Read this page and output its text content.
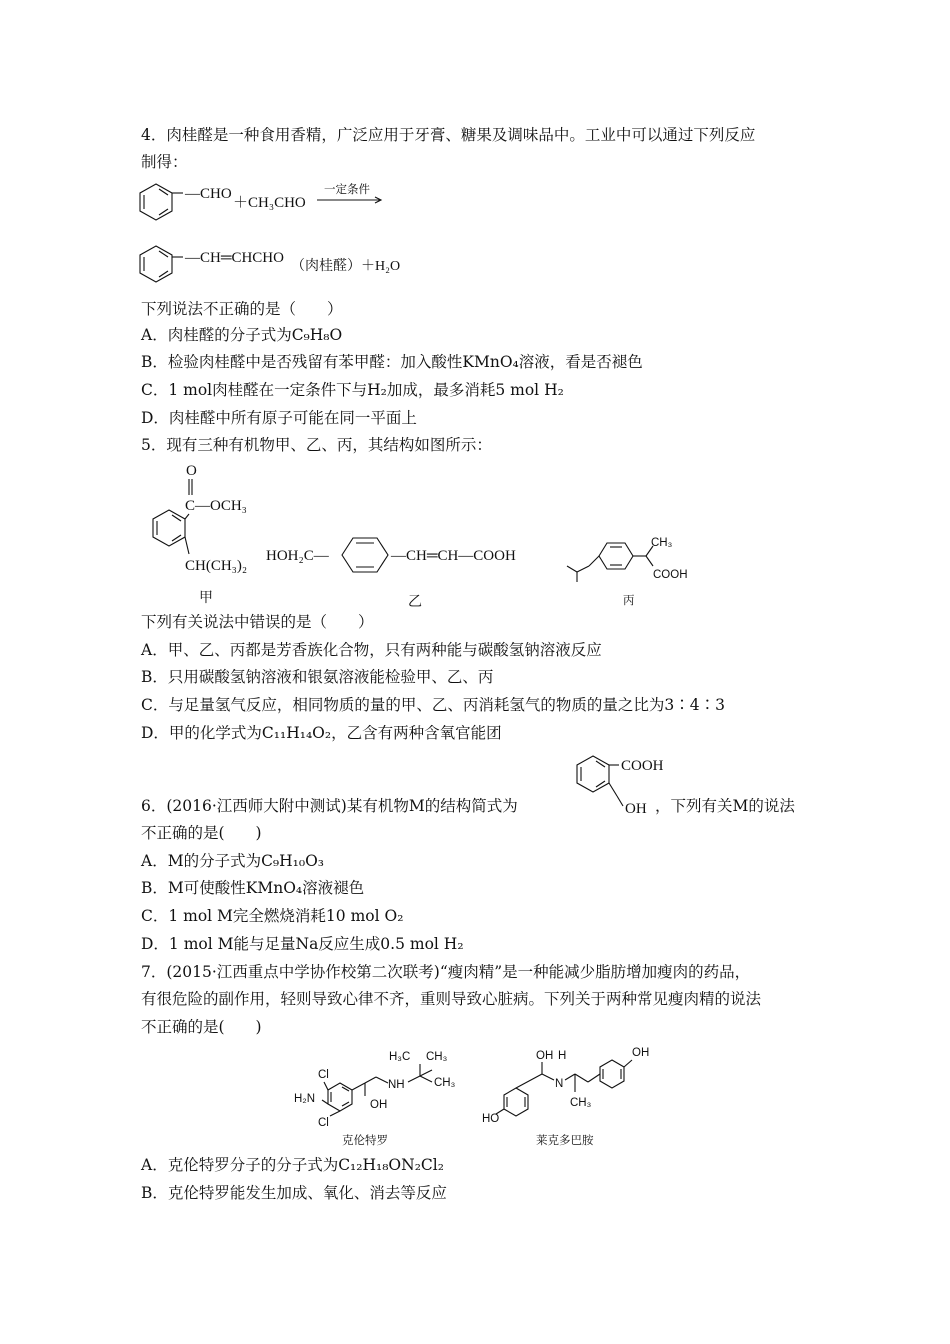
4．肉桂醛是一种食用香精，广泛应用于牙膏、糖果及调味品中。工业中可以通过下列反应
制得：
—CHO
＋CH₃CHO
一定条件
—CH═CHCHO
（肉桂醛）＋H₂O
下列说法不正确的是（　　）
A．肉桂醛的分子式为C₉H₈O
B．检验肉桂醛中是否残留有苯甲醛：加入酸性KMnO₄溶液，看是否褪色
C．1 mol肉桂醛在一定条件下与H₂加成，最多消耗5 mol H₂
D．肉桂醛中所有原子可能在同一平面上
5．现有三种有机物甲、乙、丙，其结构如图所示：
O
C—OCH₃
CH(CH₃)₂
甲
HOH₂C—	—CH═CH—COOH
乙
CH₃
COOH
丙
下列有关说法中错误的是（　　）
A．甲、乙、丙都是芳香族化合物，只有两种能与碳酸氢钠溶液反应
B．只用碳酸氢钠溶液和银氨溶液能检验甲、乙、丙
C．与足量氢气反应，相同物质的量的甲、乙、丙消耗氢气的物质的量之比为3∶4∶3
D．甲的化学式为C₁₁H₁₄O₂，乙含有两种含氧官能团
COOH
OH
6．(2016·江西师大附中测试)某有机物M的结构简式为	，下列有关M的说法
不正确的是(　　)
A．M的分子式为C₉H₁₀O₃
B．M可使酸性KMnO₄溶液褪色
C．1 mol M完全燃烧消耗10 mol O₂
D．1 mol M能与足量Na反应生成0.5 mol H₂
7．(2015·江西重点中学协作校第二次联考)“瘦肉精”是一种能减少脂肪增加瘦肉的药品，
有很危险的副作用，轻则导致心律不齐，重则导致心脏病。下列关于两种常见瘦肉精的说法
不正确的是(　　)
Cl
H₂N
Cl
OH
NH
H₃C CH₃
CH₃
克伦特罗
HO
OH H
N
CH₃
OH
莱克多巴胺
A．克伦特罗分子的分子式为C₁₂H₁₈ON₂Cl₂
B．克伦特罗能发生加成、氧化、消去等反应
